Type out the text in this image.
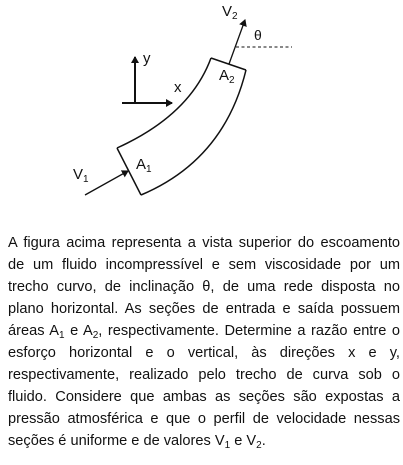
$V_2$
θ
y
x
$A_2$
$A_1$
$V_1$

A figura acima representa a vista superior do escoamento de um fluido incompressível e sem viscosidade por um trecho curvo, de inclinação θ, de uma rede disposta no plano horizontal. As seções de entrada e saída possuem áreas $A_1$ e $A_2$, respectivamente. Determine a razão entre o esforço horizontal e o vertical, às direções x e y, respectivamente, realizado pelo trecho de curva sob o fluido. Considere que ambas as seções são expostas a pressão atmosférica e que o perfil de velocidade nessas seções é uniforme e de valores $V_1$ e $V_2$.
